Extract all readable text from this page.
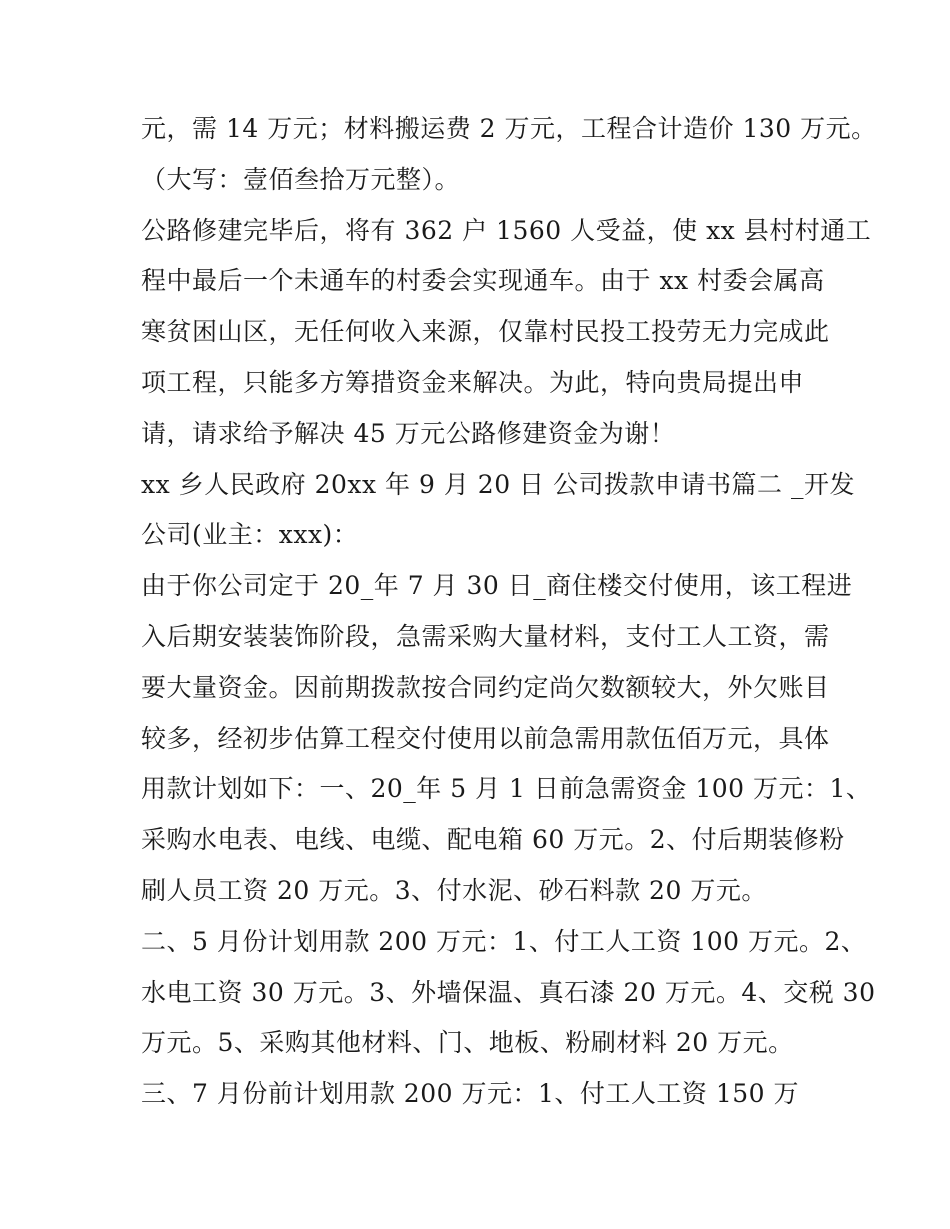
元，需 14 万元；材料搬运费 2 万元，工程合计造价 130 万元。
（大写：壹佰叁拾万元整）。
公路修建完毕后，将有 362 户 1560 人受益，使 xx 县村村通工
程中最后一个未通车的村委会实现通车。由于 xx 村委会属高
寒贫困山区，无任何收入来源，仅靠村民投工投劳无力完成此
项工程，只能多方筹措资金来解决。为此，特向贵局提出申
请，请求给予解决 45 万元公路修建资金为谢！
xx 乡人民政府 20xx 年 9 月 20 日 公司拨款申请书篇二 _开发
公司(业主：xxx)：
由于你公司定于 20_年 7 月 30 日_商住楼交付使用，该工程进
入后期安装装饰阶段，急需采购大量材料，支付工人工资，需
要大量资金。因前期拨款按合同约定尚欠数额较大，外欠账目
较多，经初步估算工程交付使用以前急需用款伍佰万元，具体
用款计划如下：一、20_年 5 月 1 日前急需资金 100 万元：1、
采购水电表、电线、电缆、配电箱 60 万元。2、付后期装修粉
刷人员工资 20 万元。3、付水泥、砂石料款 20 万元。
二、5 月份计划用款 200 万元：1、付工人工资 100 万元。2、
水电工资 30 万元。3、外墙保温、真石漆 20 万元。4、交税 30
万元。5、采购其他材料、门、地板、粉刷材料 20 万元。
三、7 月份前计划用款 200 万元：1、付工人工资 150 万
